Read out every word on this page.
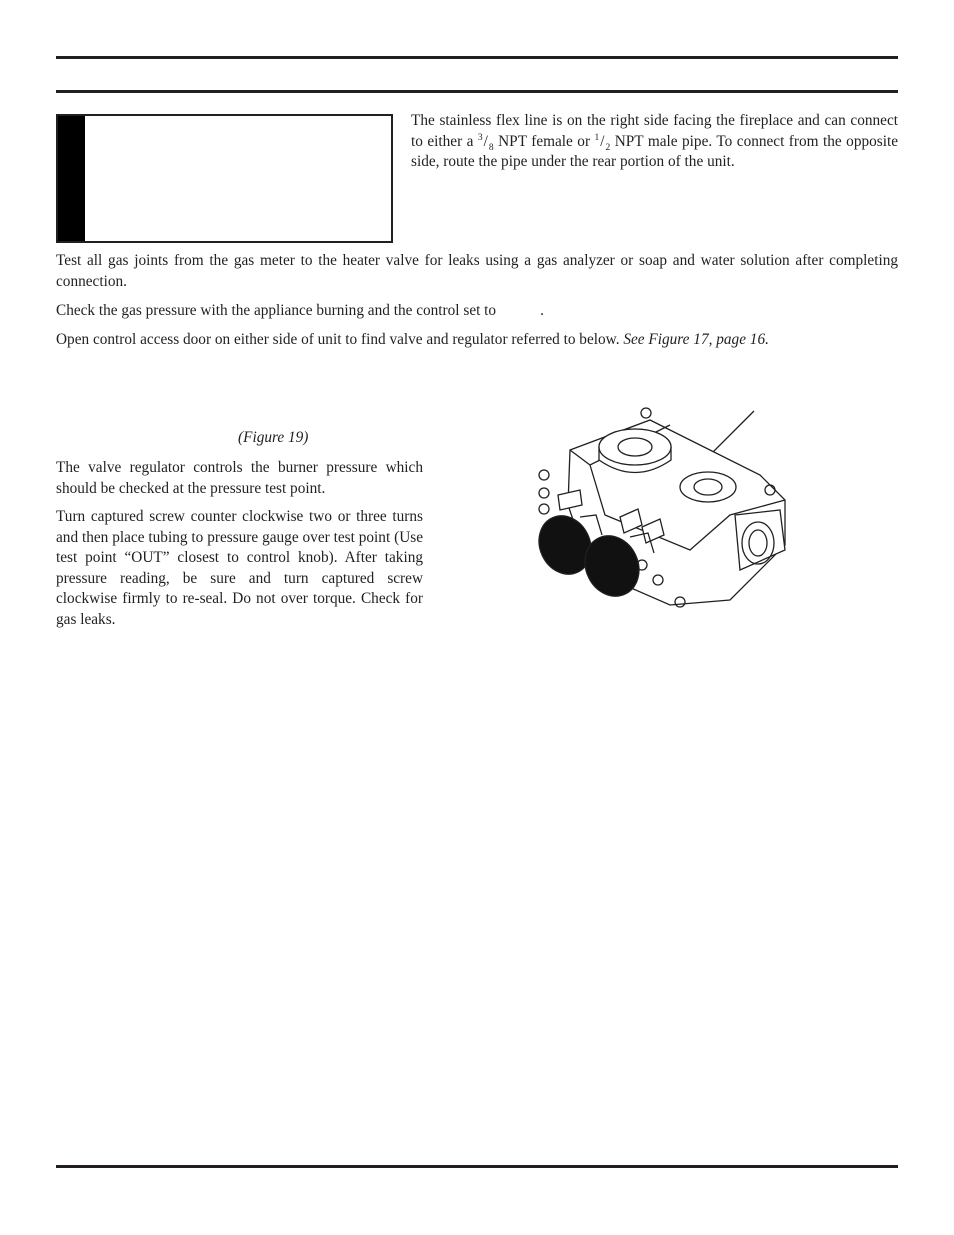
The stainless flex line is on the right side facing the fireplace and can connect to either a $^3/_8$ NPT female or $^1/_2$ NPT male pipe. To connect from the opposite side, route the pipe under the rear portion of the unit.

Test all gas joints from the gas meter to the heater valve for leaks using a gas analyzer or soap and water solution after completing connection.

Check the gas pressure with the appliance burning and the control set to	.

Open control access door on either side of unit to find valve and regulator referred to below. See Figure 17, page 16.

(Figure 19)

The valve regulator controls the burner pressure which should be checked at the pressure test point.

Turn captured screw counter clockwise two or three turns and then place tubing to pressure gauge over test point (Use test point “OUT” closest to control knob). After taking pressure reading, be sure and turn captured screw clockwise firmly to re-seal. Do not over torque. Check for gas leaks.
